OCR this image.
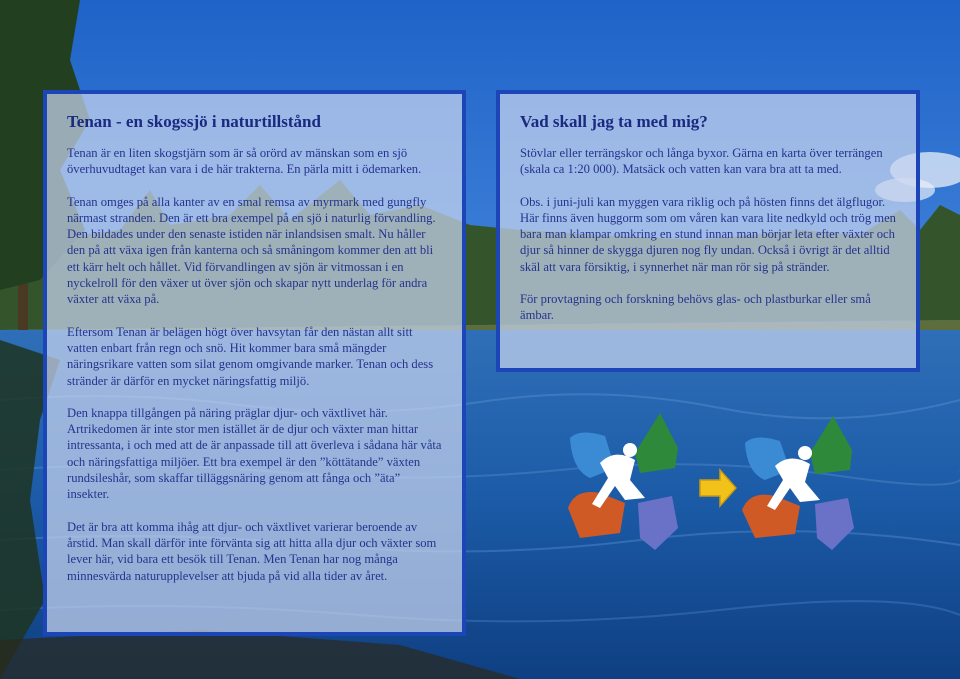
Tenan - en skogssjö i naturtillstånd

Tenan är en liten skogstjärn som är så orörd av mänskan som en sjö överhuvudtaget kan vara i de här trakterna. En pärla mitt i ödemarken.

Tenan omges på alla kanter av en smal remsa av myrmark med gungfly närmast stranden. Den är ett bra exempel på en sjö i naturlig förvandling. Den bildades under den senaste istiden när inlandsisen smalt. Nu håller den på att växa igen från kanterna och så småningom kommer den att bli ett kärr helt och hållet. Vid förvandlingen av sjön är vitmossan i en nyckelroll för den växer ut över sjön och skapar nytt underlag för andra växter att växa på.

Eftersom Tenan är belägen högt över havsytan får den nästan allt sitt vatten enbart från regn och snö. Hit kommer bara små mängder näringsrikare vatten som silat genom omgivande marker. Tenan och dess stränder är därför en mycket näringsfattig miljö.

Den knappa tillgången på näring präglar djur- och växtlivet här. Artrikedomen är inte stor men istället är de djur och växter man hittar intressanta, i och med att de är anpassade till att överleva i sådana här våta och näringsfattiga miljöer. Ett bra exempel är den ”köttätande” växten rundsileshår, som skaffar tilläggsnäring genom att fånga och ”äta” insekter.

Det är bra att komma ihåg att djur- och växtlivet varierar beroende av årstid. Man skall därför inte förvänta sig att hitta alla djur och växter som lever här, vid bara ett besök till Tenan. Men Tenan har nog många minnesvärda naturupplevelser att bjuda på vid alla tider av året.

Vad skall jag ta med mig?

Stövlar eller terrängskor och långa byxor. Gärna en karta över terrängen (skala ca 1:20 000). Matsäck och vatten kan vara bra att ta med.

Obs. i juni-juli kan myggen vara riklig och på hösten finns det älgflugor. Här finns även huggorm som om våren kan vara lite nedkyld och trög men bara man klampar omkring en stund innan man börjar leta efter växter och djur så hinner de skygga djuren nog fly undan. Också i övrigt är det alltid skäl att vara försiktig, i synnerhet när man rör sig på stränder.

För provtagning och forskning behövs glas- och plastburkar eller små ämbar.
